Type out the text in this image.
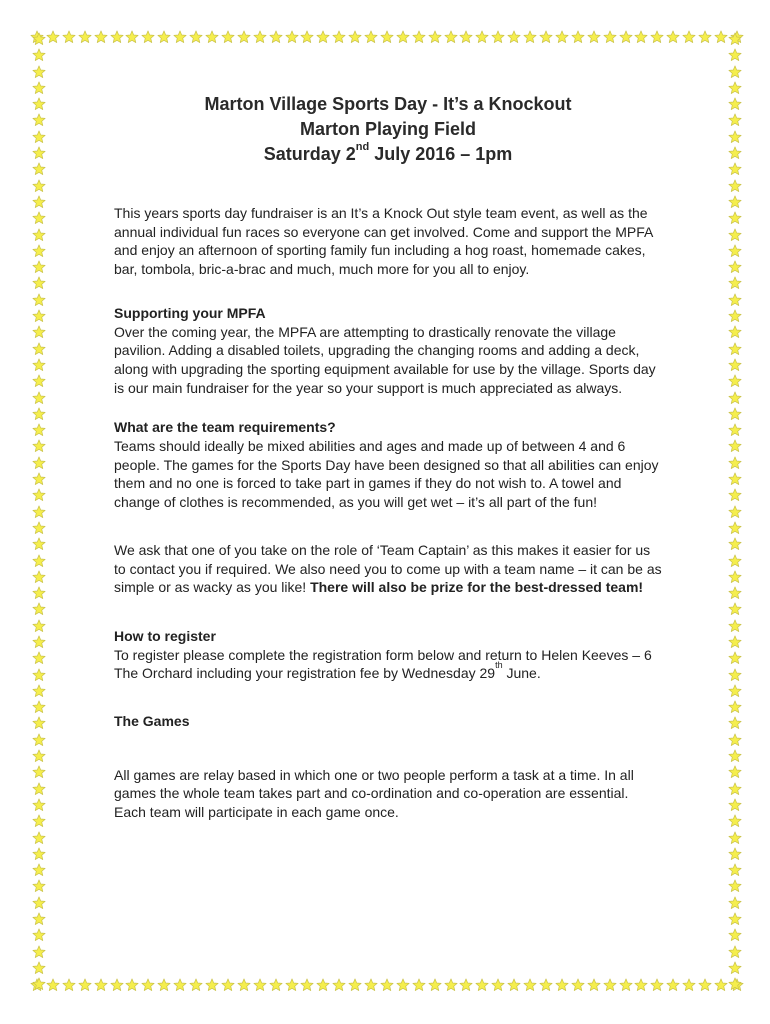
Marton Village Sports Day - It’s a Knockout
Marton Playing Field
Saturday 2nd July 2016 – 1pm

This years sports day fundraiser is an It’s a Knock Out style team event, as well as the annual individual fun races so everyone can get involved. Come and support the MPFA and enjoy an afternoon of sporting family fun including a hog roast, homemade cakes, bar, tombola, bric-a-brac and much, much more for you all to enjoy.

Supporting your MPFA

Over the coming year, the MPFA are attempting to drastically renovate the village pavilion. Adding a disabled toilets, upgrading the changing rooms and adding a deck, along with upgrading the sporting equipment available for use by the village. Sports day is our main fundraiser for the year so your support is much appreciated as always.

What are the team requirements?

Teams should ideally be mixed abilities and ages and made up of between 4 and 6 people. The games for the Sports Day have been designed so that all abilities can enjoy them and no one is forced to take part in games if they do not wish to. A towel and change of clothes is recommended, as you will get wet – it’s all part of the fun!

We ask that one of you take on the role of ‘Team Captain’ as this makes it easier for us to contact you if required. We also need you to come up with a team name – it can be as simple or as wacky as you like! There will also be prize for the best-dressed team!

How to register

To register please complete the registration form below and return to Helen Keeves – 6 The Orchard including your registration fee by Wednesday 29th June.

The Games

All games are relay based in which one or two people perform a task at a time. In all games the whole team takes part and co-ordination and co-operation are essential. Each team will participate in each game once.
